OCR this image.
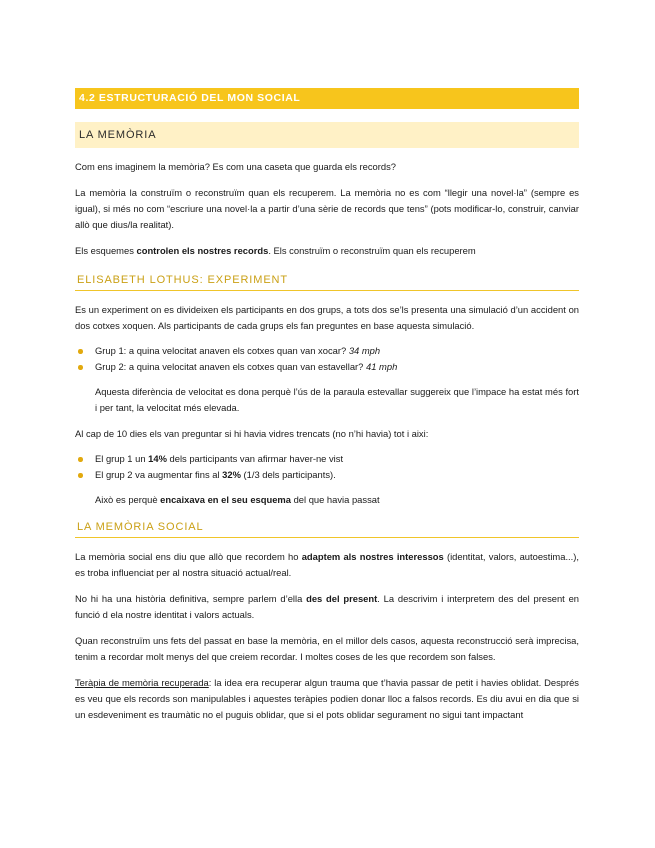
4.2 ESTRUCTURACIÓ DEL MON SOCIAL
LA MEMÒRIA

Com ens imaginem la memòria? Es com una caseta que guarda els records?

La memòria la construïm o reconstruïm quan els recuperem. La memòria no es com “llegir una novel·la” (sempre es igual), si més no com “escriure una novel·la a partir d’una sèrie de records que tens” (pots modificar-lo, construir, canviar allò que dius/la realitat).

Els esquemes controlen els nostres records. Els construïm o reconstruïm quan els recuperem

ELISABETH LOTHUS: EXPERIMENT

Es un experiment on es divideixen els participants en dos grups, a tots dos se’ls presenta una simulació d’un accident on dos cotxes xoquen. Als participants de cada grups els fan preguntes en base aquesta simulació.

Grup 1: a quina velocitat anaven els cotxes quan van xocar? 34 mph
Grup 2: a quina velocitat anaven els cotxes quan van estavellar? 41 mph

Aquesta diferència de velocitat es dona perquè l’ús de la paraula estevallar suggereix que l’impace ha estat més fort i per tant, la velocitat més elevada.

Al cap de 10 dies els van preguntar si hi havia vidres trencats (no n’hi havia) tot i aixi:

El grup 1 un 14% dels participants van afirmar haver-ne vist
El grup 2 va augmentar fins al 32% (1/3 dels participants).

Això es perquè encaixava en el seu esquema del que havia passat

LA MEMÒRIA SOCIAL

La memòria social ens diu que allò que recordem ho adaptem als nostres interessos (identitat, valors, autoestima...), es troba influenciat per al nostra situació actual/real.

No hi ha una història definitiva, sempre parlem d’ella des del present. La descrivim i interpretem des del present en funció d ela nostre identitat i valors actuals.

Quan reconstruïm uns fets del passat en base la memòria, en el millor dels casos, aquesta reconstrucció serà imprecisa, tenim a recordar molt menys del que creiem recordar. I moltes coses de les que recordem son falses.

Teràpia de memòria recuperada: la idea era recuperar algun trauma que t’havia passar de petit i havies oblidat. Després es veu que els records son manipulables i aquestes teràpies podien donar lloc a falsos records. Es diu avui en dia que si un esdeveniment es traumàtic no el puguis oblidar, que si el pots oblidar segurament no sigui tant impactant
